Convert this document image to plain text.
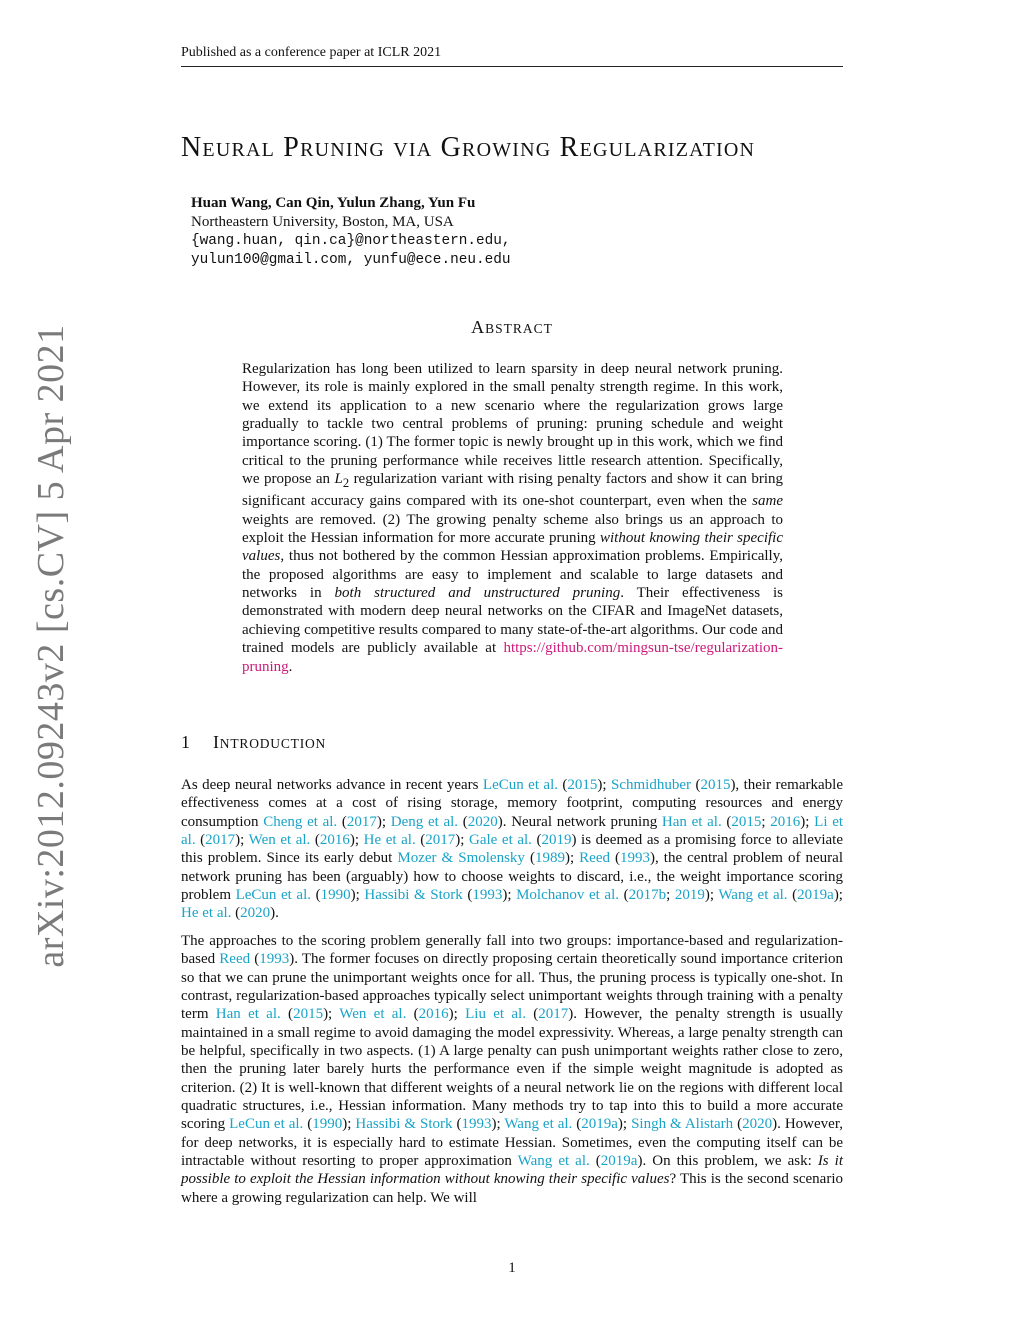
Published as a conference paper at ICLR 2021
arXiv:2012.09243v2 [cs.CV] 5 Apr 2021
NEURAL PRUNING VIA GROWING REGULARIZATION
Huan Wang, Can Qin, Yulun Zhang, Yun Fu
Northeastern University, Boston, MA, USA
{wang.huan, qin.ca}@northeastern.edu,
yulun100@gmail.com, yunfu@ece.neu.edu
ABSTRACT
Regularization has long been utilized to learn sparsity in deep neural network pruning. However, its role is mainly explored in the small penalty strength regime. In this work, we extend its application to a new scenario where the regularization grows large gradually to tackle two central problems of pruning: pruning schedule and weight importance scoring. (1) The former topic is newly brought up in this work, which we find critical to the pruning performance while receives little research attention. Specifically, we propose an $L_2$ regularization variant with rising penalty factors and show it can bring significant accuracy gains compared with its one-shot counterpart, even when the same weights are removed. (2) The growing penalty scheme also brings us an approach to exploit the Hessian information for more accurate pruning without knowing their specific values, thus not bothered by the common Hessian approximation problems. Empirically, the proposed algorithms are easy to implement and scalable to large datasets and networks in both structured and unstructured pruning. Their effectiveness is demonstrated with modern deep neural networks on the CIFAR and ImageNet datasets, achieving competitive results compared to many state-of-the-art algorithms. Our code and trained models are publicly available at https://github.com/mingsun-tse/regularization-pruning.
1 INTRODUCTION
As deep neural networks advance in recent years LeCun et al. (2015); Schmidhuber (2015), their remarkable effectiveness comes at a cost of rising storage, memory footprint, computing resources and energy consumption Cheng et al. (2017); Deng et al. (2020). Neural network pruning Han et al. (2015; 2016); Li et al. (2017); Wen et al. (2016); He et al. (2017); Gale et al. (2019) is deemed as a promising force to alleviate this problem. Since its early debut Mozer & Smolensky (1989); Reed (1993), the central problem of neural network pruning has been (arguably) how to choose weights to discard, i.e., the weight importance scoring problem LeCun et al. (1990); Hassibi & Stork (1993); Molchanov et al. (2017b; 2019); Wang et al. (2019a); He et al. (2020).
The approaches to the scoring problem generally fall into two groups: importance-based and regularization-based Reed (1993). The former focuses on directly proposing certain theoretically sound importance criterion so that we can prune the unimportant weights once for all. Thus, the pruning process is typically one-shot. In contrast, regularization-based approaches typically select unimportant weights through training with a penalty term Han et al. (2015); Wen et al. (2016); Liu et al. (2017). However, the penalty strength is usually maintained in a small regime to avoid damaging the model expressivity. Whereas, a large penalty strength can be helpful, specifically in two aspects. (1) A large penalty can push unimportant weights rather close to zero, then the pruning later barely hurts the performance even if the simple weight magnitude is adopted as criterion. (2) It is well-known that different weights of a neural network lie on the regions with different local quadratic structures, i.e., Hessian information. Many methods try to tap into this to build a more accurate scoring LeCun et al. (1990); Hassibi & Stork (1993); Wang et al. (2019a); Singh & Alistarh (2020). However, for deep networks, it is especially hard to estimate Hessian. Sometimes, even the computing itself can be intractable without resorting to proper approximation Wang et al. (2019a). On this problem, we ask: Is it possible to exploit the Hessian information without knowing their specific values? This is the second scenario where a growing regularization can help. We will
1
